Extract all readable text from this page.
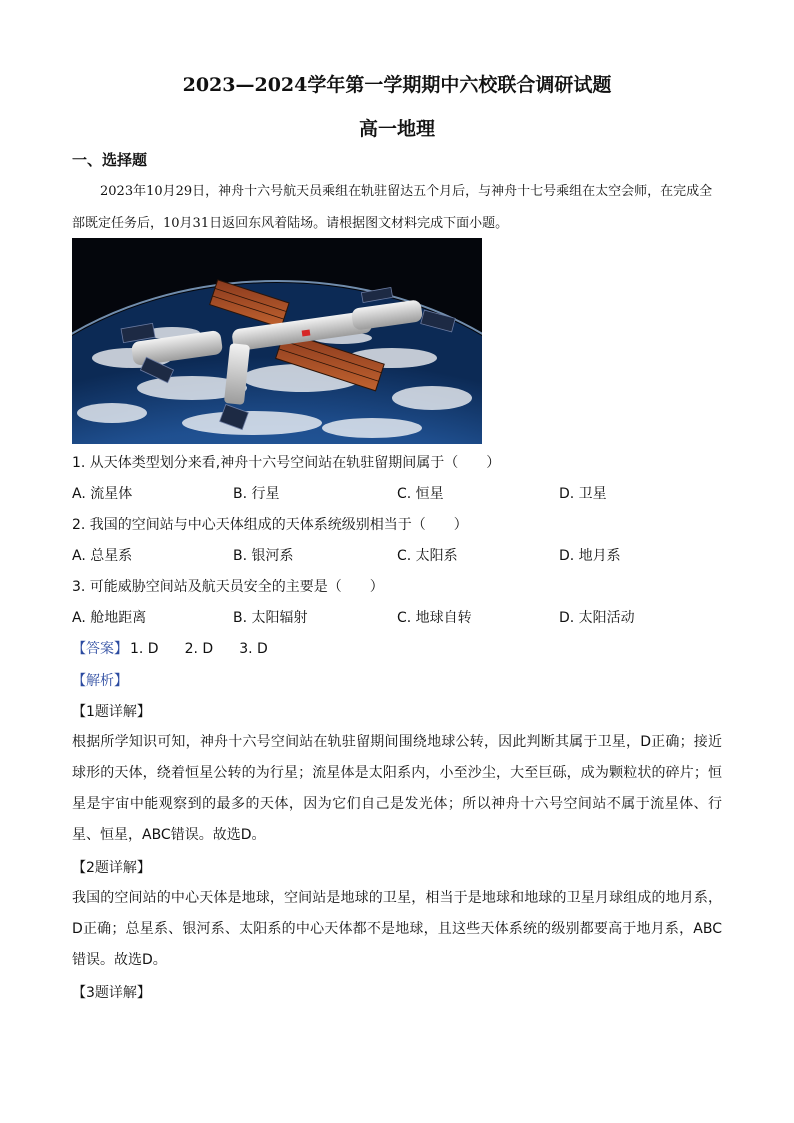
2023—2024学年第一学期期中六校联合调研试题
高一地理
一、选择题
2023年10月29日，神舟十六号航天员乘组在轨驻留达五个月后，与神舟十七号乘组在太空会师，在完成全部既定任务后，10月31日返回东风着陆场。请根据图文材料完成下面小题。
1. 从天体类型划分来看,神舟十六号空间站在轨驻留期间属于（　　）
A. 流星体	B. 行星	C. 恒星	D. 卫星
2. 我国的空间站与中心天体组成的天体系统级别相当于（　　）
A. 总星系	B. 银河系	C. 太阳系	D. 地月系
3. 可能威胁空间站及航天员安全的主要是（　　）
A. 舱地距离	B. 太阳辐射	C. 地球自转	D. 太阳活动
【答案】 1. D 2. D 3. D
【解析】
【1题详解】
根据所学知识可知，神舟十六号空间站在轨驻留期间围绕地球公转，因此判断其属于卫星，D正确；接近球形的天体，绕着恒星公转的为行星；流星体是太阳系内，小至沙尘，大至巨砾，成为颗粒状的碎片；恒星是宇宙中能观察到的最多的天体，因为它们自己是发光体；所以神舟十六号空间站不属于流星体、行星、恒星，ABC错误。故选D。
【2题详解】
我国的空间站的中心天体是地球，空间站是地球的卫星，相当于是地球和地球的卫星月球组成的地月系，D正确；总星系、银河系、太阳系的中心天体都不是地球，且这些天体系统的级别都要高于地月系，ABC错误。故选D。
【3题详解】
